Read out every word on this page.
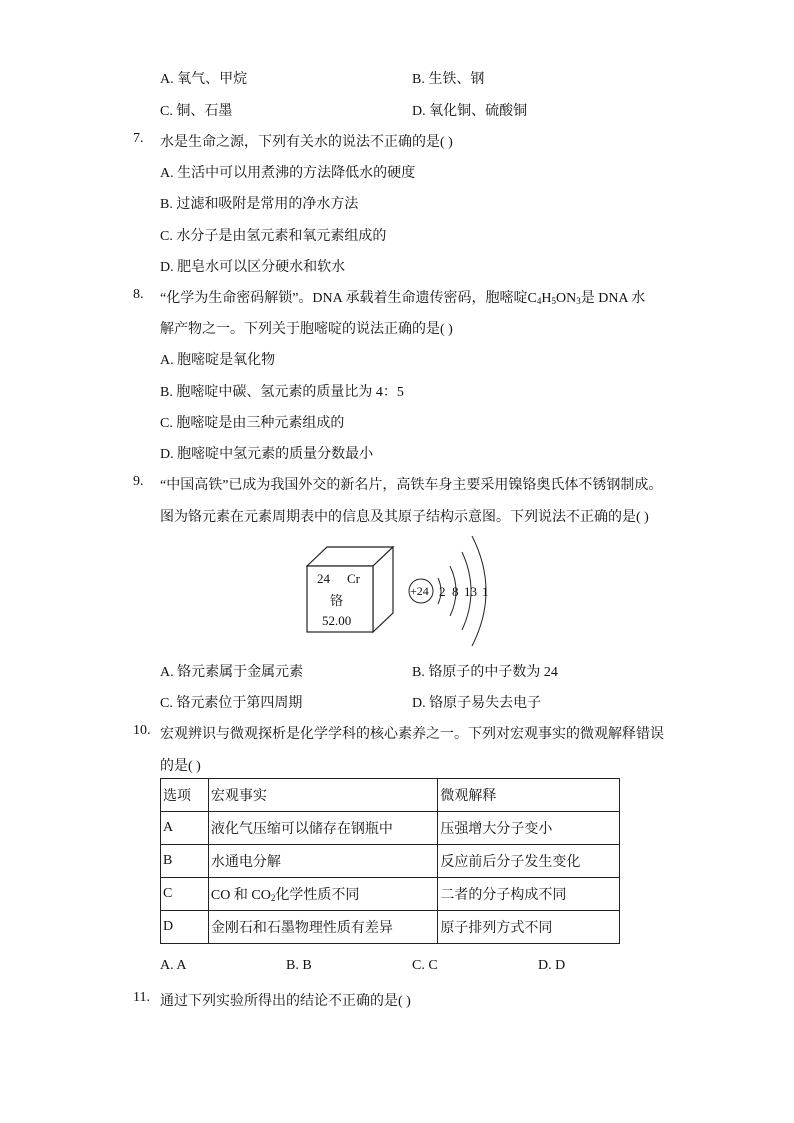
A. 氧气、甲烷	B. 生铁、钢
C. 铜、石墨	D. 氧化铜、硫酸铜
7. 水是生命之源，下列有关水的说法不正确的是( )
A. 生活中可以用煮沸的方法降低水的硬度
B. 过滤和吸附是常用的净水方法
C. 水分子是由氢元素和氧元素组成的
D. 肥皂水可以区分硬水和软水
8. “化学为生命密码解锁”。DNA 承载着生命遗传密码，胞嘧啶$C_4H_5ON_3$是 DNA 水
解产物之一。下列关于胞嘧啶的说法正确的是( )
A. 胞嘧啶是氧化物
B. 胞嘧啶中碳、氢元素的质量比为 4：5
C. 胞嘧啶是由三种元素组成的
D. 胞嘧啶中氢元素的质量分数最小
9. “中国高铁”已成为我国外交的新名片，高铁车身主要采用镍铬奥氏体不锈钢制成。
图为铬元素在元素周期表中的信息及其原子结构示意图。下列说法不正确的是( )
24 Cr
铬
52.00
+24 2 8 13 1
A. 铬元素属于金属元素	B. 铬原子的中子数为 24
C. 铬元素位于第四周期	D. 铬原子易失去电子
10. 宏观辨识与微观探析是化学学科的核心素养之一。下列对宏观事实的微观解释错误
的是( )
选项	宏观事实	微观解释
A	液化气压缩可以储存在钢瓶中	压强增大分子变小
B	水通电分解	反应前后分子发生变化
C	CO 和 $CO_2$化学性质不同	二者的分子构成不同
D	金刚石和石墨物理性质有差异	原子排列方式不同
A. A	B. B	C. C	D. D
11. 通过下列实验所得出的结论不正确的是( )
